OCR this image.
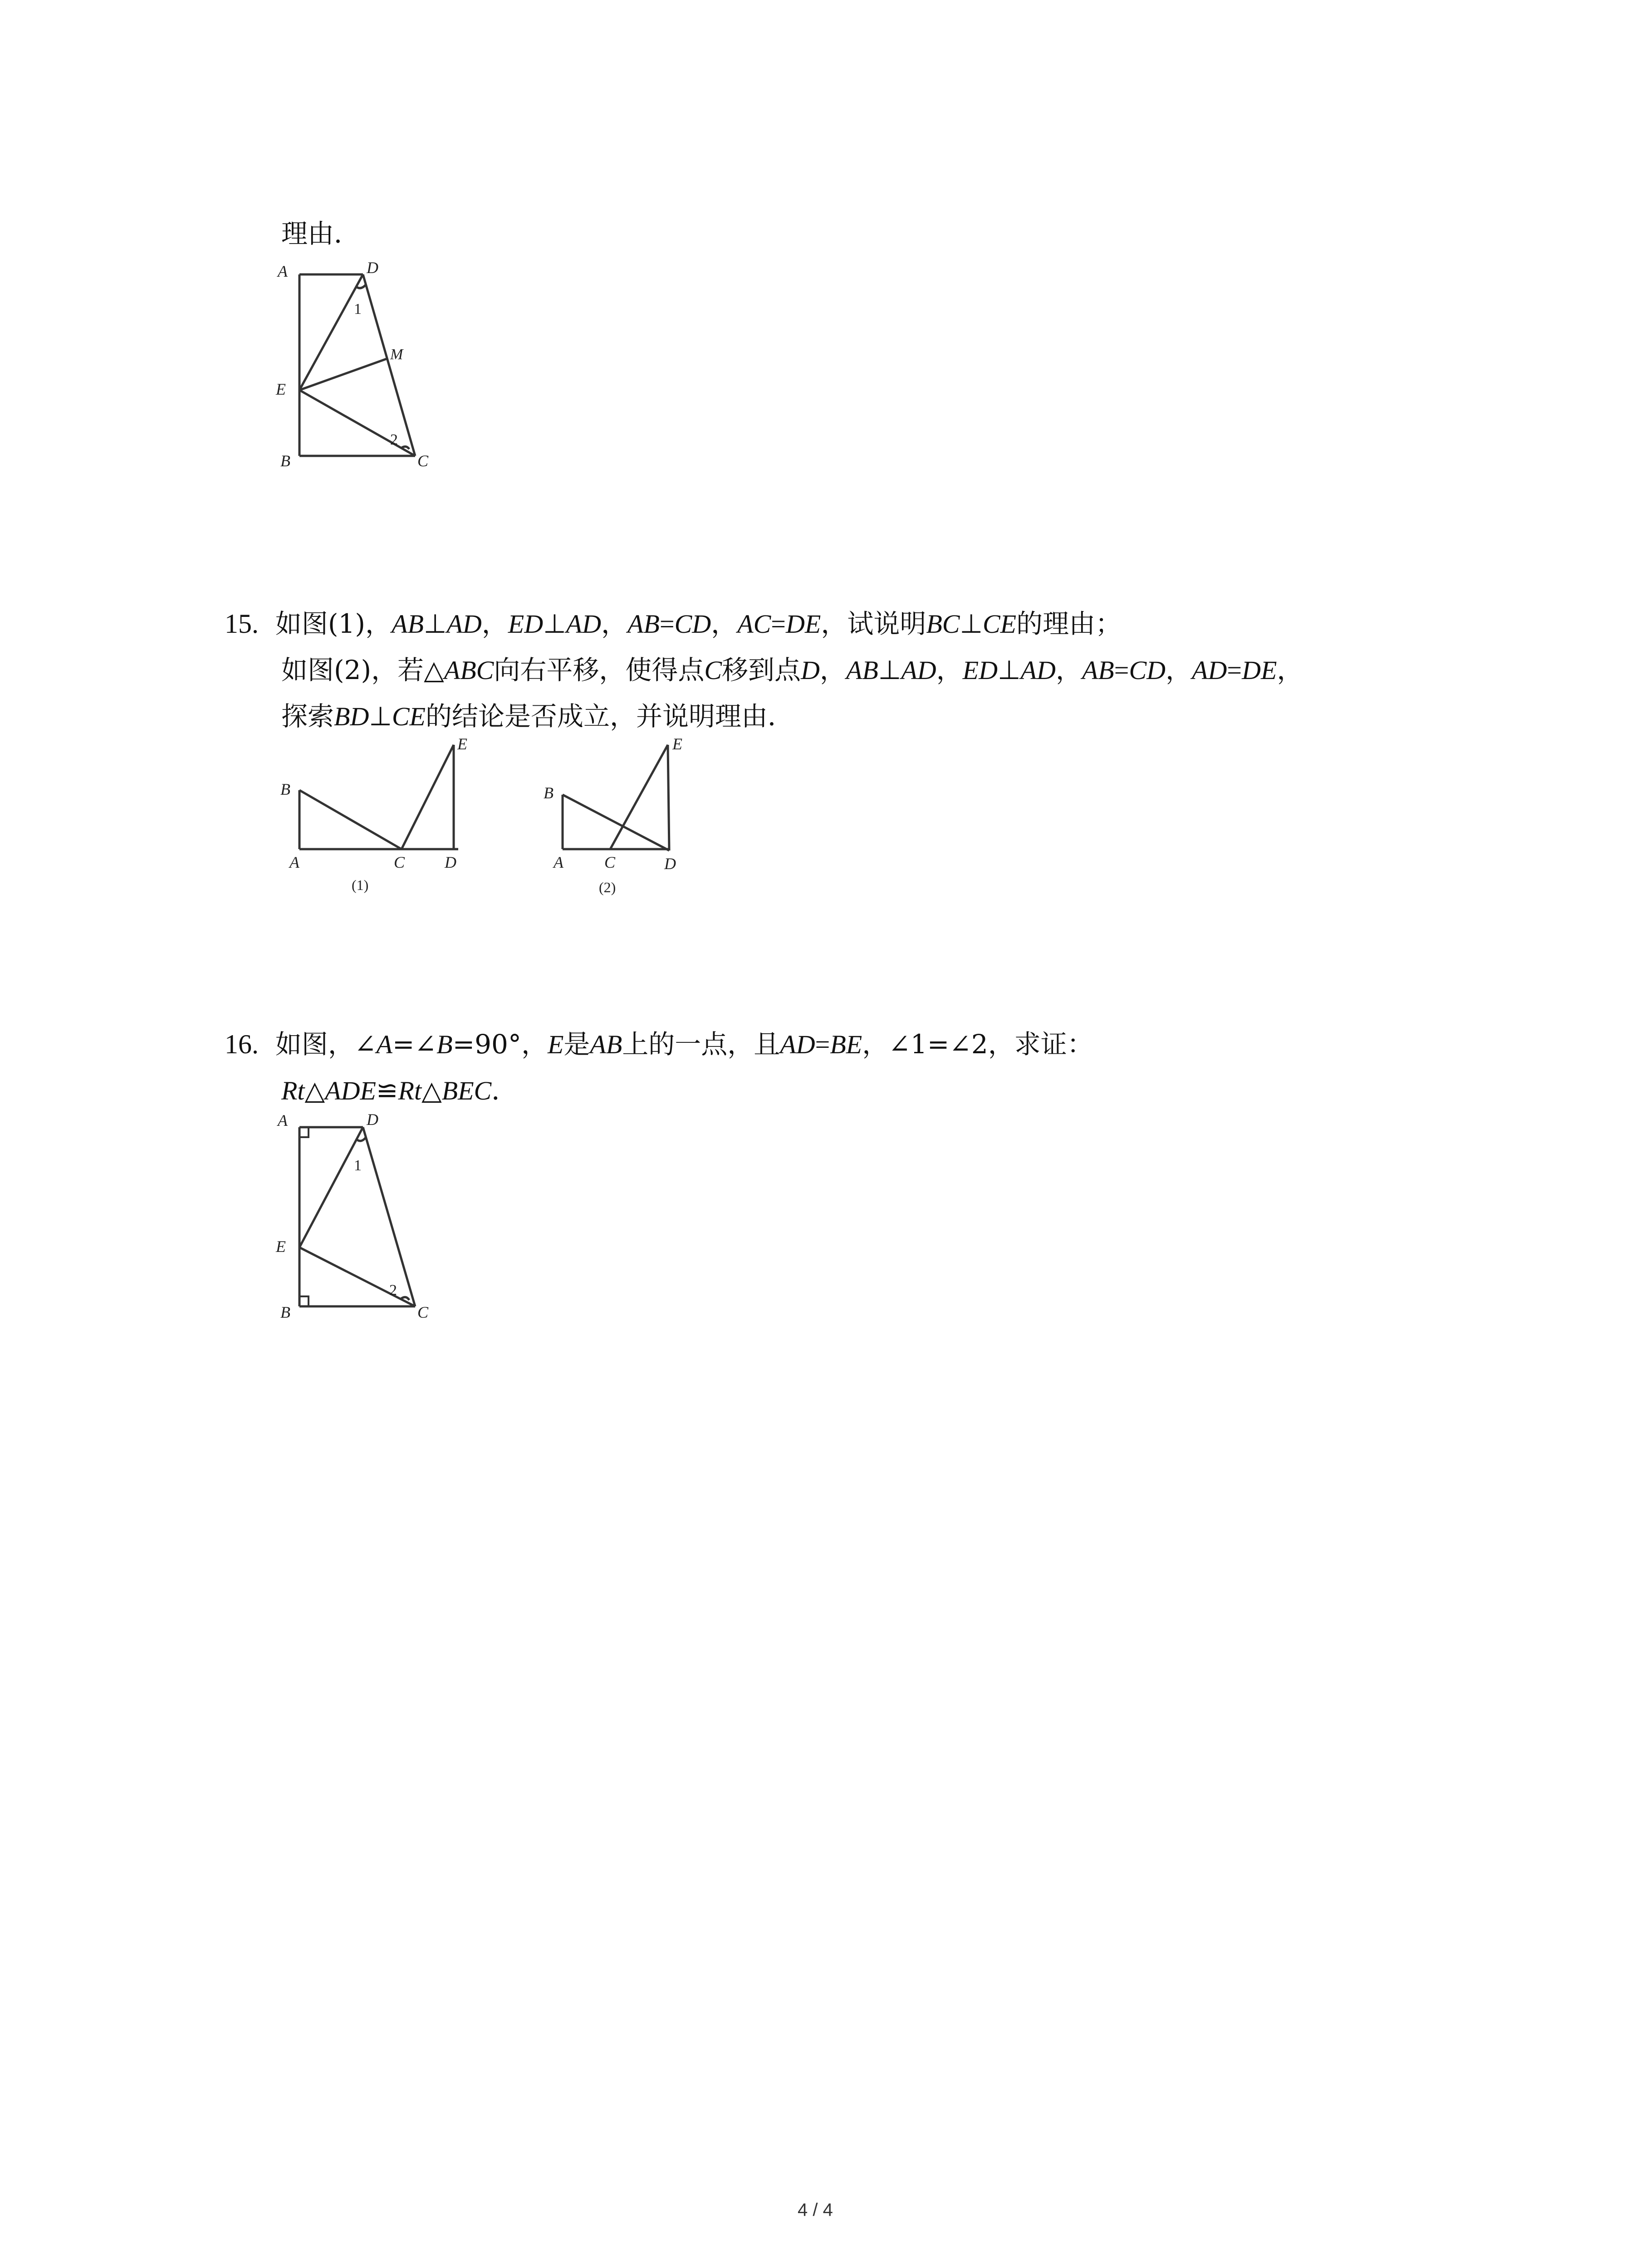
理由．
A	D
1
M
E
2
B	C
15. 如图(1)，AB⊥AD，ED⊥AD，AB=CD，AC=DE，试说明BC⊥CE的理由；
如图(2)，若△ABC向右平移，使得点C移到点D，AB⊥AD，ED⊥AD，AB=CD，AD=DE，
探索BD⊥CE的结论是否成立，并说明理由．
B
E
A	C D
(1)
B
E
A	C	D
(2)
16. 如图，∠A=∠B=90°，E是AB上的一点，且AD=BE，∠1=∠2，求证：
Rt△ADE≌Rt△BEC．
A	D
1
E
2
B	C
4 / 4
